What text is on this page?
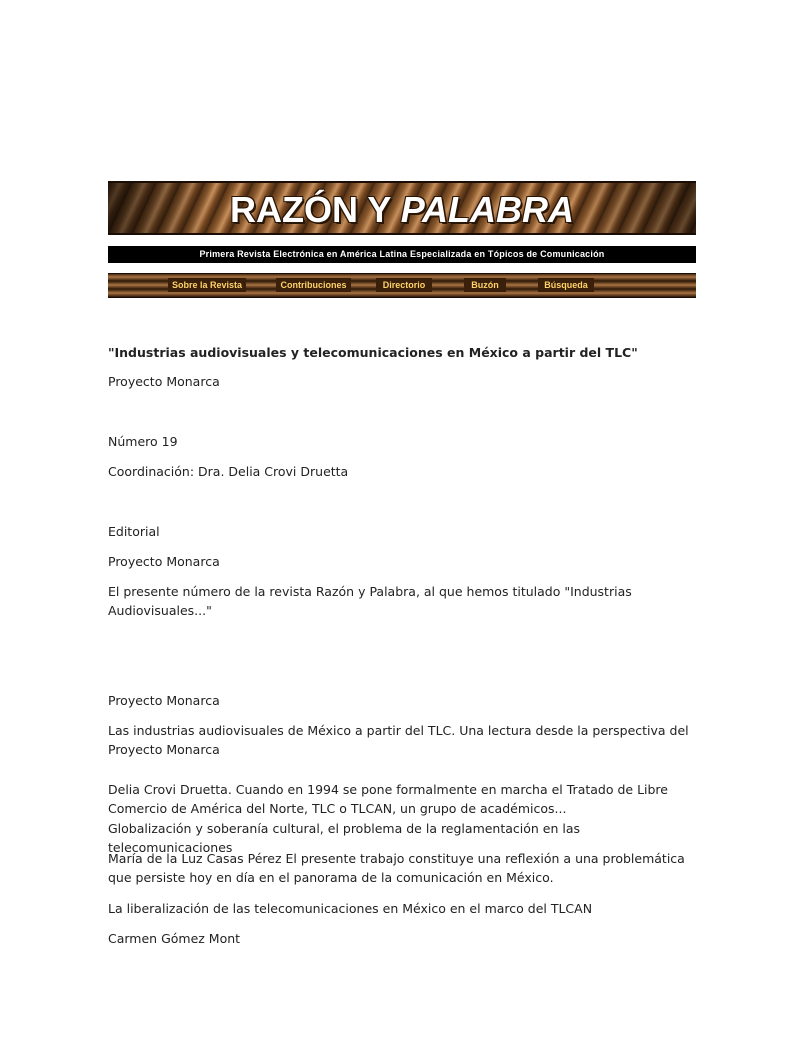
RAZÓN Y PALABRA
Primera Revista Electrónica en América Latina Especializada en Tópicos de Comunicación
Sobre la Revista	Contribuciones	Directorio	Buzón	Búsqueda
"Industrias audiovisuales y telecomunicaciones en México a partir del TLC"
Proyecto Monarca
Número 19
Coordinación: Dra. Delia Crovi Druetta
Editorial
Proyecto Monarca
El presente número de la revista Razón y Palabra, al que hemos titulado "Industrias Audiovisuales..."
Proyecto Monarca
Las industrias audiovisuales de México a partir del TLC. Una lectura desde la perspectiva del Proyecto Monarca
Delia Crovi Druetta. Cuando en 1994 se pone formalmente en marcha el Tratado de Libre Comercio de América del Norte, TLC o TLCAN, un grupo de académicos...
Globalización y soberanía cultural, el problema de la reglamentación en las telecomunicaciones
María de la Luz Casas Pérez El presente trabajo constituye una reflexión a una problemática que persiste hoy en día en el panorama de la comunicación en México.
La liberalización de las telecomunicaciones en México en el marco del TLCAN
Carmen Gómez Mont
